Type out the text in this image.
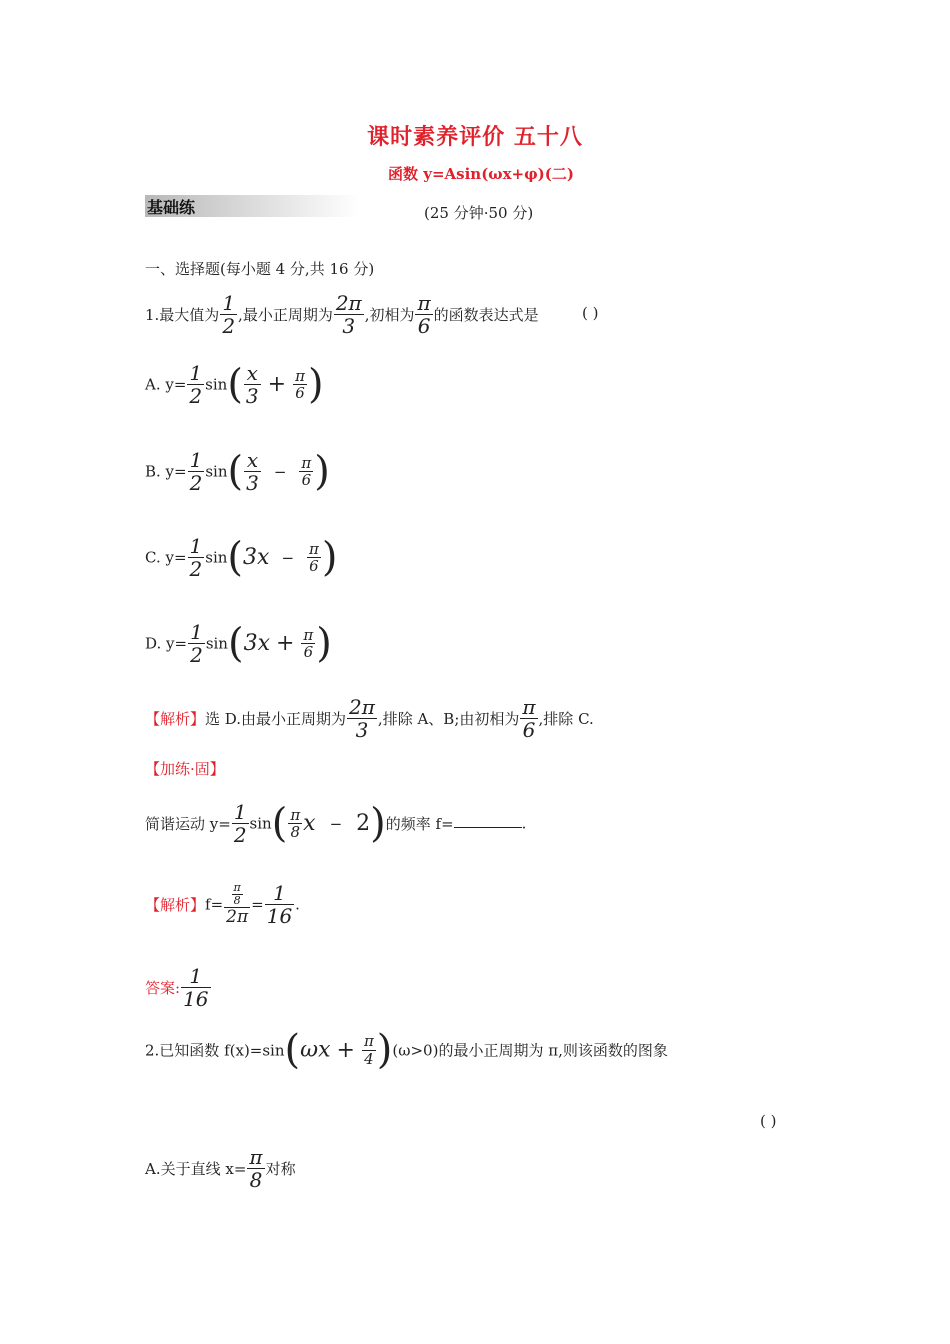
课时素养评价 五十八
函数 y=Asin(ωx+φ)(二)
基础练	(25 分钟·50 分)
一、选择题(每小题 4 分,共 16 分)
1.最大值为 $\frac{1}{2}$ ,最小正周期为 $\frac{2\pi}{3}$ ,初相为 $\frac{\pi}{6}$ 的函数表达式是	( )
A. $y= \frac{1}{2} \sin( \frac{x}{3} + \frac{\pi}{6}$ )
B. $y= \frac{1}{2} \sin( \frac{x}{3} - \frac{\pi}{6}$ )
C. $y= \frac{1}{2} \sin(3x - \frac{\pi}{6}$ )
D. $y= \frac{1}{2} \sin(3x + \frac{\pi}{6}$ )
【解析】选 D.由最小正周期为 $\frac{2\pi}{3}$ ,排除 A、B;由初相为 $\frac{\pi}{6}$ ,排除 C.
【加练·固】
简谐运动 $y= \frac{1}{2} \sin( \frac{\pi}{8}$ x − 2)的频率 f=	.
【解析】$f= \frac{\frac{\pi}{8}}{2\pi} = \frac{1}{16}$ .
答案: $\frac{1}{16}$
2.已知函数 $f(x)=\sin(\omega x + \frac{\pi}{4} )(\omega>0)$的最小正周期为 π,则该函数的图象
( )
A.关于直线 $x= \frac{\pi}{8}$ 对称
